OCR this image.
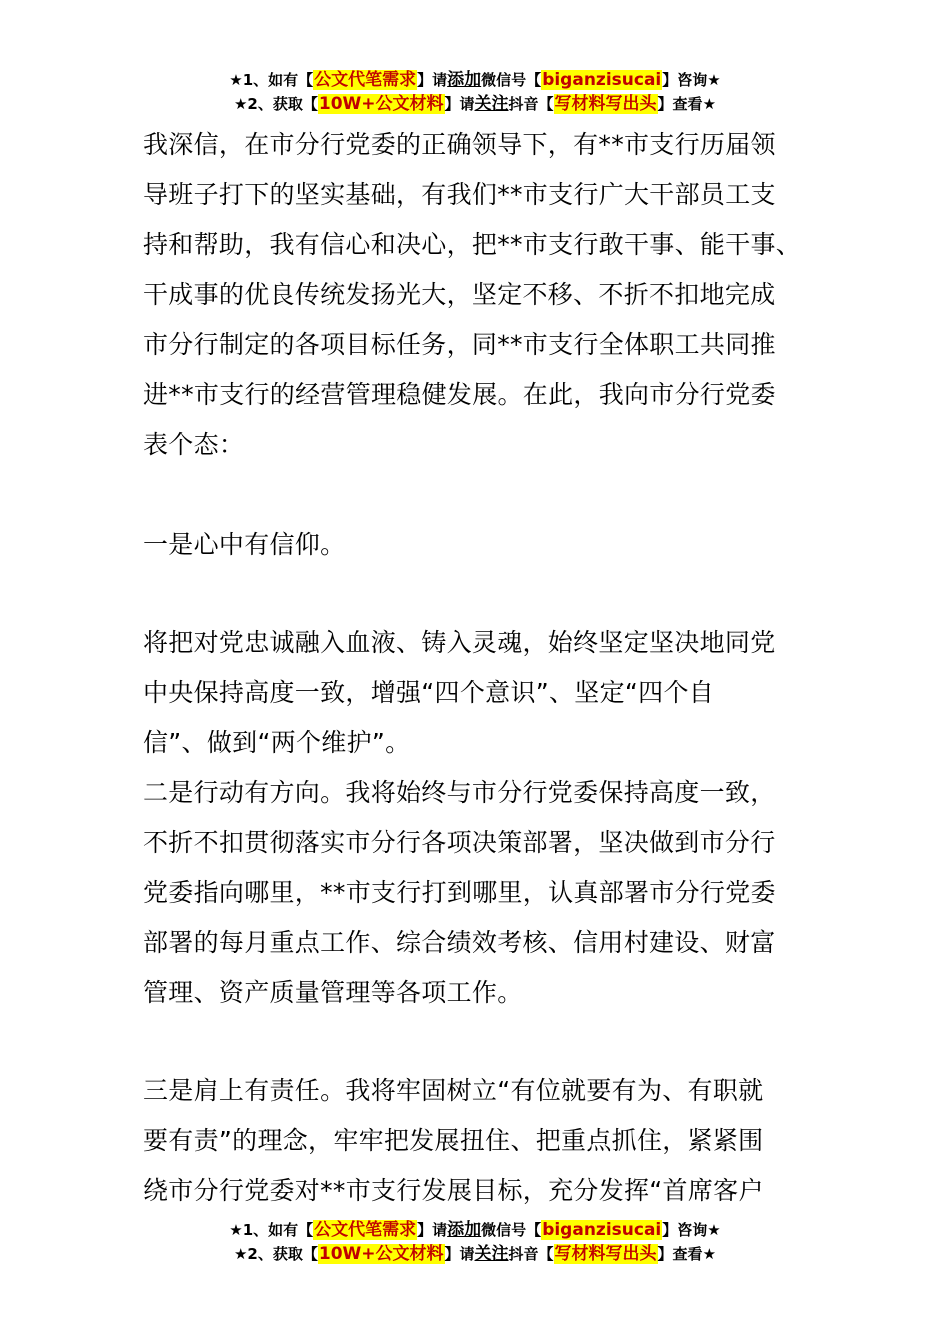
★1、如有【公文代笔需求】请添加微信号【biganzisucai】咨询★
★2、获取【10W+公文材料】请关注抖音【写材料写出头】查看★

我深信，在市分行党委的正确领导下，有**市支行历届领
导班子打下的坚实基础，有我们**市支行广大干部员工支
持和帮助，我有信心和决心，把**市支行敢干事、能干事、
干成事的优良传统发扬光大，坚定不移、不折不扣地完成
市分行制定的各项目标任务，同**市支行全体职工共同推
进**市支行的经营管理稳健发展。在此，我向市分行党委
表个态：

一是心中有信仰。

将把对党忠诚融入血液、铸入灵魂，始终坚定坚决地同党
中央保持高度一致，增强“四个意识”、坚定“四个自
信”、做到“两个维护”。

二是行动有方向。我将始终与市分行党委保持高度一致，
不折不扣贯彻落实市分行各项决策部署，坚决做到市分行
党委指向哪里，**市支行打到哪里，认真部署市分行党委
部署的每月重点工作、综合绩效考核、信用村建设、财富
管理、资产质量管理等各项工作。

三是肩上有责任。我将牢固树立“有位就要有为、有职就
要有责”的理念，牢牢把发展扭住、把重点抓住，紧紧围
绕市分行党委对**市支行发展目标，充分发挥“首席客户

★1、如有【公文代笔需求】请添加微信号【biganzisucai】咨询★
★2、获取【10W+公文材料】请关注抖音【写材料写出头】查看★
